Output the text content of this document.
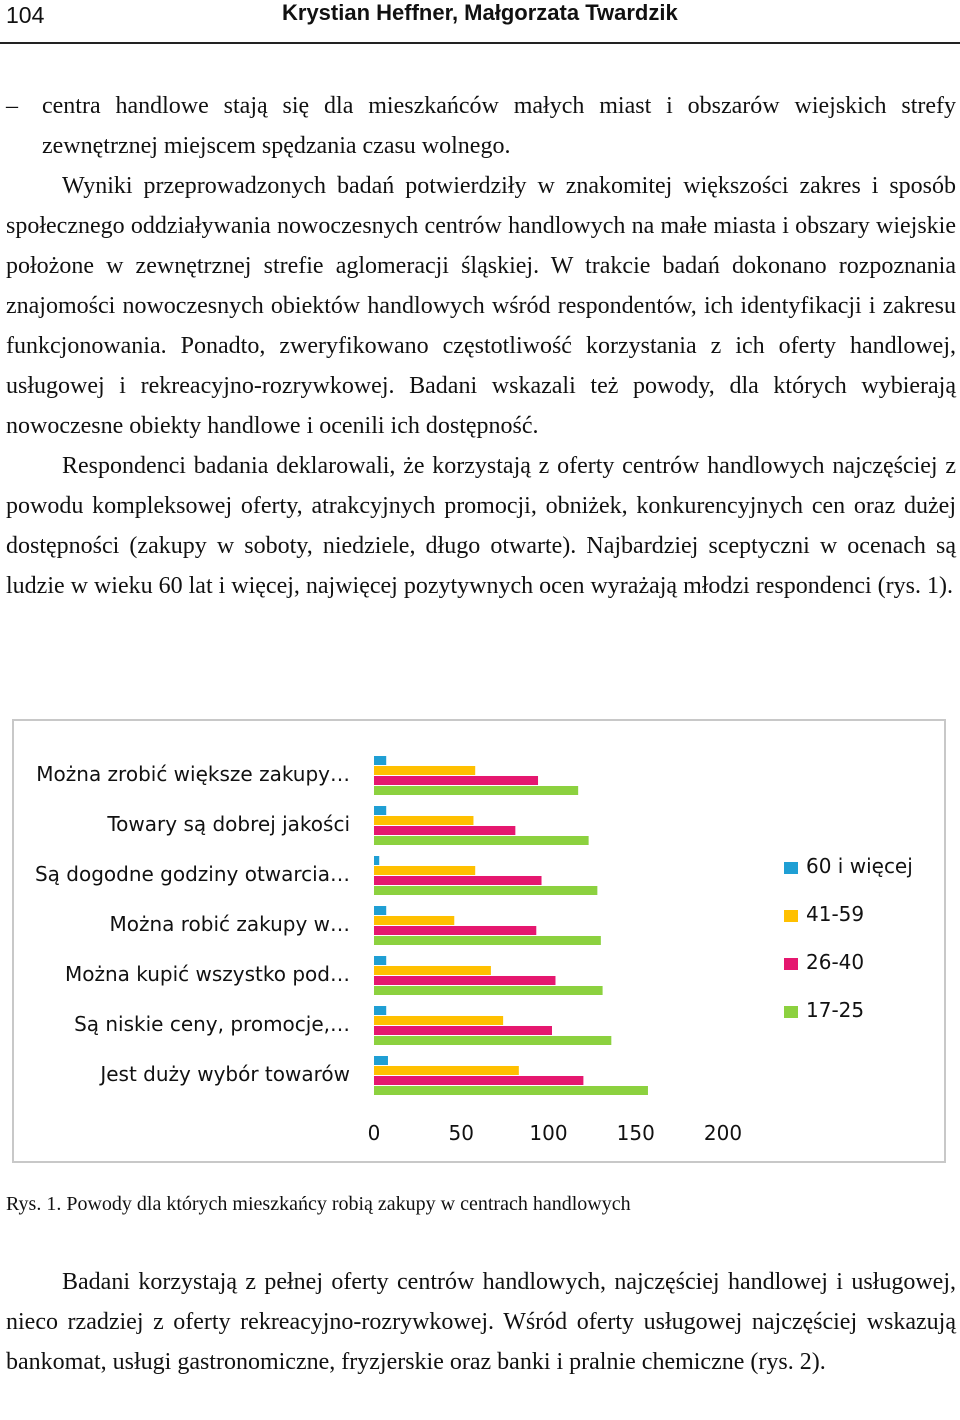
104	Krystian Heffner, Małgorzata Twardzik
– centra handlowe stają się dla mieszkańców małych miast i obszarów wiejskich strefy zewnętrznej miejscem spędzania czasu wolnego.

Wyniki przeprowadzonych badań potwierdziły w znakomitej większości zakres i sposób społecznego oddziaływania nowoczesnych centrów handlowych na małe miasta i obszary wiejskie położone w zewnętrznej strefie aglomeracji śląskiej. W trakcie badań dokonano rozpoznania znajomości nowoczesnych obiektów handlowych wśród respondentów, ich identyfikacji i zakresu funkcjonowania. Ponadto, zweryfikowano częstotliwość korzystania z ich oferty handlowej, usługowej i rekreacyjno-rozrywkowej. Badani wskazali też powody, dla których wybierają nowoczesne obiekty handlowe i ocenili ich dostępność.

Respondenci badania deklarowali, że korzystają z oferty centrów handlowych najczęściej z powodu kompleksowej oferty, atrakcyjnych promocji, obniżek, konkurencyjnych cen oraz dużej dostępności (zakupy w soboty, niedziele, długo otwarte). Najbardziej sceptyczni w ocenach są ludzie w wieku 60 lat i więcej, najwięcej pozytywnych ocen wyrażają młodzi respondenci (rys. 1).

Można zrobić większe zakupy…
Towary są dobrej jakości
Są dogodne godziny otwarcia…
Można robić zakupy w…
Można kupić wszystko pod…
Są niskie ceny, promocje,…
Jest duży wybór towarów
0	50	100 150 200
60 i więcej
41-59
26-40
17-25
Rys. 1. Powody dla których mieszkańcy robią zakupy w centrach handlowych

Badani korzystają z pełnej oferty centrów handlowych, najczęściej handlowej i usługowej, nieco rzadziej z oferty rekreacyjno-rozrywkowej. Wśród oferty usługowej najczęściej wskazują bankomat, usługi gastronomiczne, fryzjerskie oraz banki i pralnie chemiczne (rys. 2).
